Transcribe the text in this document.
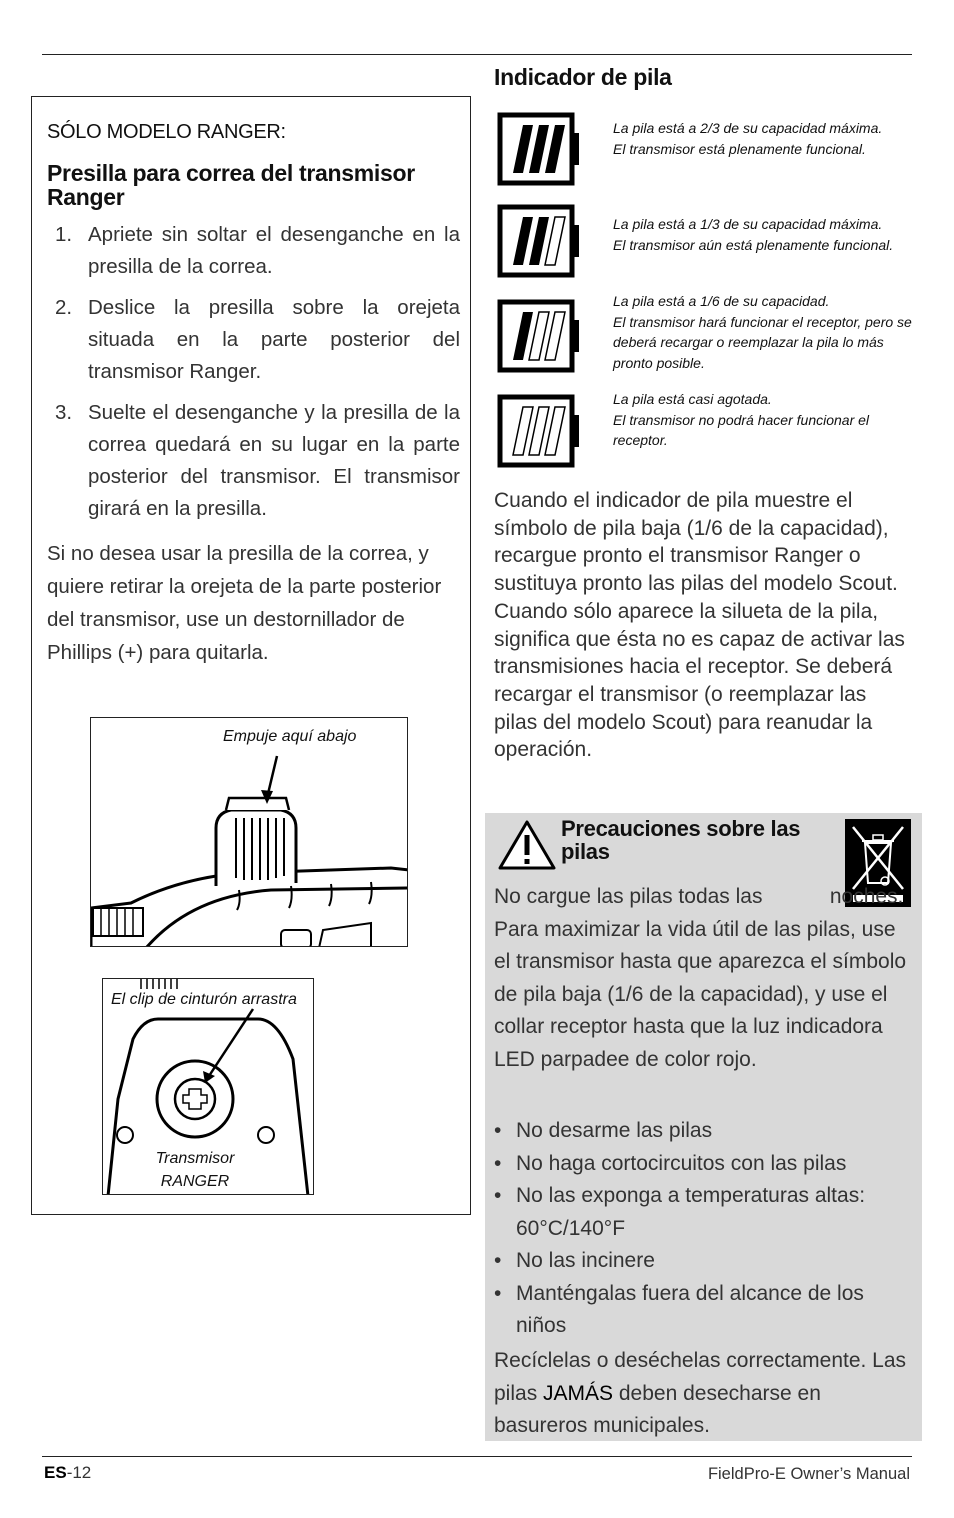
SÓLO MODELO RANGER:
Presilla para correa del transmisor Ranger
1. Apriete sin soltar el desenganche en la presilla de la correa.
2. Deslice la presilla sobre la orejeta situada en la parte posterior del transmisor Ranger.
3. Suelte el desenganche y la presilla de la correa quedará en su lugar en la parte posterior del transmisor. El transmisor girará en la presilla.
Si no desea usar la presilla de la correa, y quiere retirar la orejeta de la parte posterior del transmisor, use un destornillador de Phillips (+) para quitarla.
Empuje aquí abajo
El clip de cinturón arrastra
Transmisor
RANGER
Indicador de pila
La pila está a 2/3 de su capacidad máxima.
El transmisor está plenamente funcional.
La pila está a 1/3 de su capacidad máxima.
El transmisor aún está plenamente funcional.
La pila está a 1/6 de su capacidad.
El transmisor hará funcionar el receptor, pero se deberá recargar o reemplazar la pila lo más pronto posible.
La pila está casi agotada.
El transmisor no podrá hacer funcionar el receptor.
Cuando el indicador de pila muestre el símbolo de pila baja (1/6 de la capacidad), recargue pronto el transmisor Ranger o sustituya pronto las pilas del modelo Scout. Cuando sólo aparece la silueta de la pila, significa que ésta no es capaz de activar las transmisiones hacia el receptor. Se deberá recargar el transmisor (o reemplazar las pilas del modelo Scout) para reanudar la operación.
Precauciones sobre las pilas
No cargue las pilas todas las	noches. Para maximizar la vida útil de las pilas, use el transmisor hasta que aparezca el símbolo de pila baja (1/6 de la capacidad), y use el collar receptor hasta que la luz indicadora LED parpadee de color rojo.
• No desarme las pilas
• No haga cortocircuitos con las pilas
• No las exponga a temperaturas altas: 60°C/140°F
• No las incinere
• Manténgalas fuera del alcance de los niños
Recíclelas o deséchelas correctamente. Las pilas JAMÁS deben desecharse en basureros municipales.
ES-12	FieldPro-E Owner’s Manual
